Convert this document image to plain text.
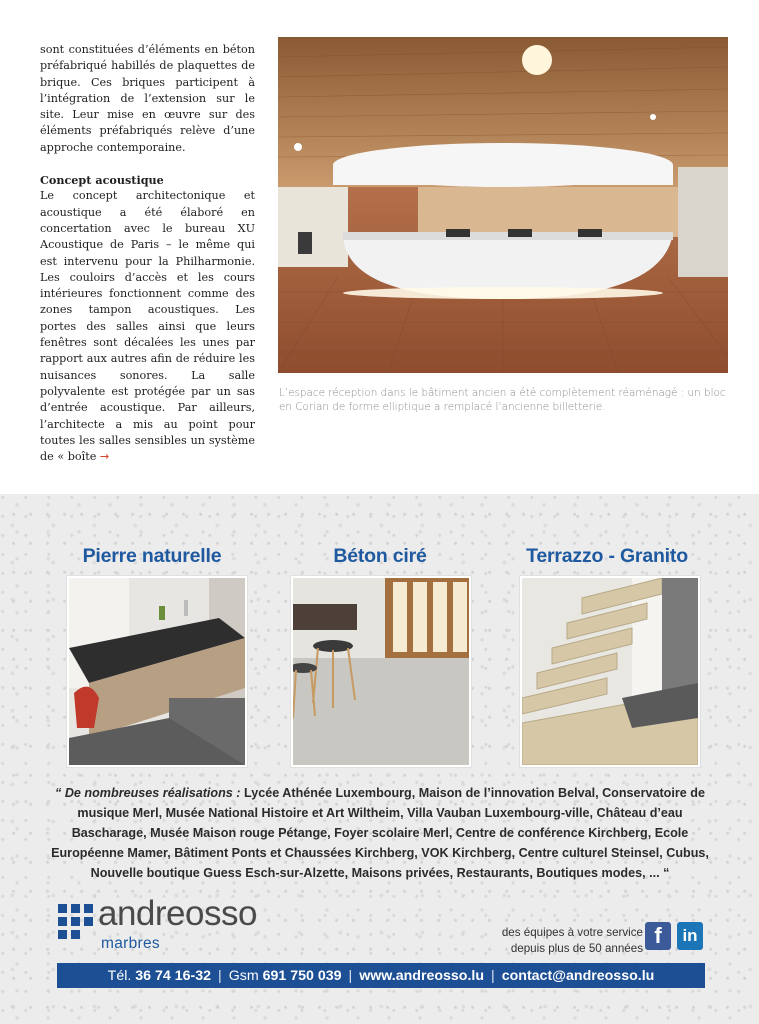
sont constituées d’éléments en béton préfabriqué habillés de plaquettes de brique. Ces briques participent à l’intégration de l’extension sur le site. Leur mise en œuvre sur des éléments préfabriqués relève d’une approche contemporaine.

Concept acoustique

Le concept architectonique et acoustique a été élaboré en concertation avec le bureau XU Acoustique de Paris – le même qui est intervenu pour la Philharmonie. Les couloirs d’accès et les cours intérieures fonctionnent comme des zones tampon acoustiques. Les portes des salles ainsi que leurs fenêtres sont décalées les unes par rapport aux autres afin de réduire les nuisances sonores. La salle polyvalente est protégée par un sas d’entrée acoustique. Par ailleurs, l’architecte a mis au point pour toutes les salles sensibles un système de « boîte →

L’espace réception dans le bâtiment ancien a été complètement réaménagé : un bloc en Corian de forme elliptique a remplacé l’ancienne billetterie.
Pierre naturelle	Béton ciré	Terrazzo - Granito
“ De nombreuses réalisations : Lycée Athénée Luxembourg, Maison de l’innovation Belval, Conservatoire de musique Merl, Musée National Histoire et Art Wiltheim, Villa Vauban Luxembourg-ville, Château d’eau Bascharage, Musée Maison rouge Pétange, Foyer scolaire Merl, Centre de conférence Kirchberg, Ecole Européenne Mamer, Bâtiment Ponts et Chaussées Kirchberg, VOK Kirchberg, Centre culturel Steinsel, Cubus, Nouvelle boutique Guess Esch-sur-Alzette, Maisons privées, Restaurants, Boutiques modes, ... “
andreosso
marbres
des équipes à votre service
depuis plus de 50 années f	in
Tél.
36 74 16-32 | Gsm
691 750 039 | www.andreosso.lu | contact@andreosso.lu
